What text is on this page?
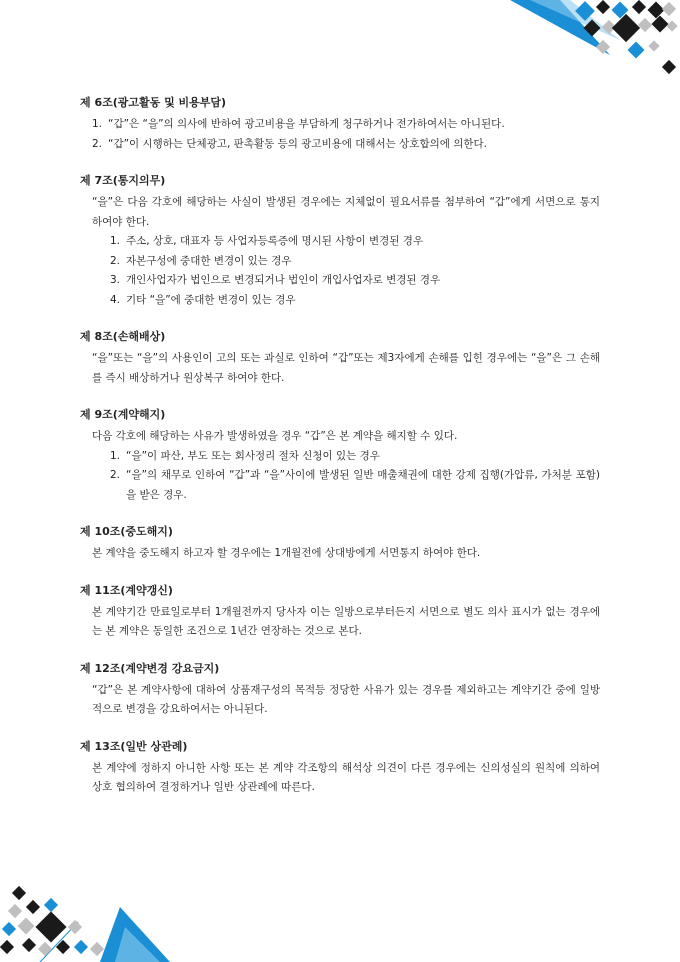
제 6조(광고활동 및 비용부담)
1. “갑”은 “을”의 의사에 반하여 광고비용을 부담하게 청구하거나 전가하여서는 아니된다.
2. “갑”이 시행하는 단체광고, 판촉활동 등의 광고비용에 대해서는 상호합의에 의한다.
제 7조(통지의무)

“을”은 다음 각호에 해당하는 사실이 발생된 경우에는 지체없이 필요서류를 첨부하여 “갑”에게 서면으로 통지하여야 한다.

1. 주소, 상호, 대표자 등 사업자등록증에 명시된 사항이 변경된 경우
2. 자본구성에 중대한 변경이 있는 경우
3. 개인사업자가 법인으로 변경되거나 법인이 개입사업자로 변경된 경우
4. 기타 “을”에 중대한 변경이 있는 경우
제 8조(손해배상)

“을”또는 “을”의 사용인이 고의 또는 과실로 인하여 “갑”또는 제3자에게 손해를 입힌 경우에는 “을”은 그 손해를 즉시 배상하거나 원상복구 하여야 한다.

제 9조(계약해지)

다음 각호에 해당하는 사유가 발생하였을 경우 “갑”은 본 계약을 해지할 수 있다.

1. “을”이 파산, 부도 또는 회사정리 절차 신청이 있는 경우
2. “을”의 채무로 인하여 “갑”과 “을”사이에 발생된 일반 매출채권에 대한 강제 집행(가압류, 가처분 포함)을 받은 경우.
제 10조(중도해지)

본 계약을 중도해지 하고자 할 경우에는 1개월전에 상대방에게 서면통지 하여야 한다.

제 11조(계약갱신)

본 계약기간 만료일로부터 1개월전까지 당사자 이는 일방으로부터든지 서면으로 별도 의사 표시가 없는 경우에는 본 계약은 동일한 조건으로 1년간 연장하는 것으로 본다.

제 12조(계약변경 강요금지)

“갑”은 본 계약사항에 대하여 상품재구성의 목적등 정당한 사유가 있는 경우를 제외하고는 계약기간 중에 일방적으로 변경을 강요하여서는 아니된다.

제 13조(일반 상관례)

본 계약에 정하지 아니한 사항 또는 본 계약 각조항의 해석상 의견이 다른 경우에는 신의성실의 원칙에 의하여 상호 협의하여 결정하거나 일반 상관례에 따른다.
